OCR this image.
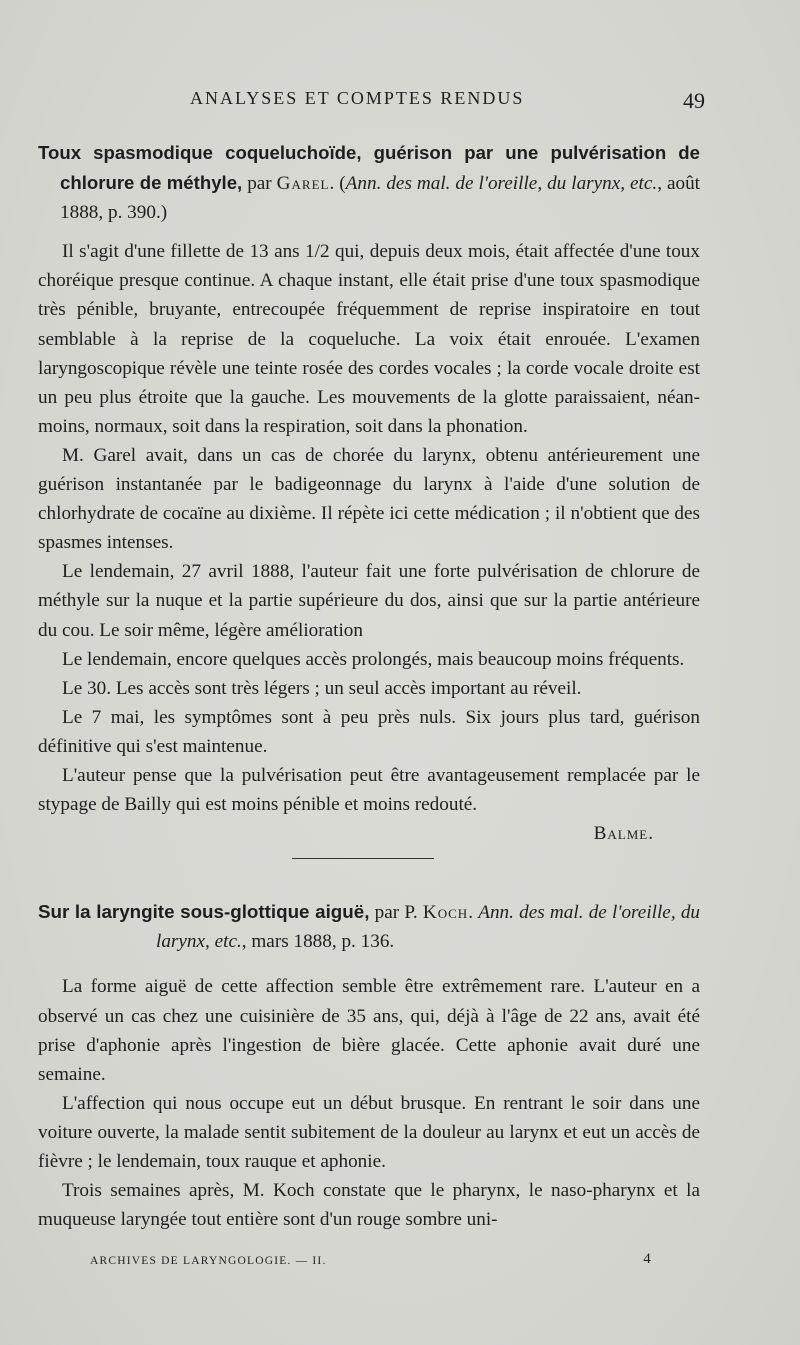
ANALYSES ET COMPTES RENDUS	49
Toux spasmodique coqueluchoïde, guérison par une pulvérisation de chlorure de méthyle, par Garel. (Ann. des mal. de l'oreille, du larynx, etc., août 1888, p. 390.)

Il s'agit d'une fillette de 13 ans 1/2 qui, depuis deux mois, était affectée d'une toux choréique presque continue. A chaque instant, elle était prise d'une toux spasmodique très pénible, bruyante, entrecoupée fréquemment de reprise inspiratoire en tout semblable à la reprise de la coqueluche. La voix était enrouée. L'examen laryngoscopique révèle une teinte rosée des cordes vocales ; la corde vocale droite est un peu plus étroite que la gauche. Les mouvements de la glotte paraissaient, néanmoins, normaux, soit dans la respiration, soit dans la phonation.

M. Garel avait, dans un cas de chorée du larynx, obtenu antérieurement une guérison instantanée par le badigeonnage du larynx à l'aide d'une solution de chlorhydrate de cocaïne au dixième. Il répète ici cette médication ; il n'obtient que des spasmes intenses.

Le lendemain, 27 avril 1888, l'auteur fait une forte pulvérisation de chlorure de méthyle sur la nuque et la partie supérieure du dos, ainsi que sur la partie antérieure du cou. Le soir même, légère amélioration

Le lendemain, encore quelques accès prolongés, mais beaucoup moins fréquents.

Le 30. Les accès sont très légers ; un seul accès important au réveil.

Le 7 mai, les symptômes sont à peu près nuls. Six jours plus tard, guérison définitive qui s'est maintenue.

L'auteur pense que la pulvérisation peut être avantageusement remplacée par le stypage de Bailly qui est moins pénible et moins redouté.

Balme.

Sur la laryngite sous-glottique aiguë, par P. Koch. Ann. des mal. de l'oreille, du larynx, etc., mars 1888, p. 136.

La forme aiguë de cette affection semble être extrêmement rare. L'auteur en a observé un cas chez une cuisinière de 35 ans, qui, déjà à l'âge de 22 ans, avait été prise d'aphonie après l'ingestion de bière glacée. Cette aphonie avait duré une semaine.

L'affection qui nous occupe eut un début brusque. En rentrant le soir dans une voiture ouverte, la malade sentit subitement de la douleur au larynx et eut un accès de fièvre ; le lendemain, toux rauque et aphonie.

Trois semaines après, M. Koch constate que le pharynx, le naso-pharynx et la muqueuse laryngée tout entière sont d'un rouge sombre uni-

ARCHIVES DE LARYNGOLOGIE. — II.	4
